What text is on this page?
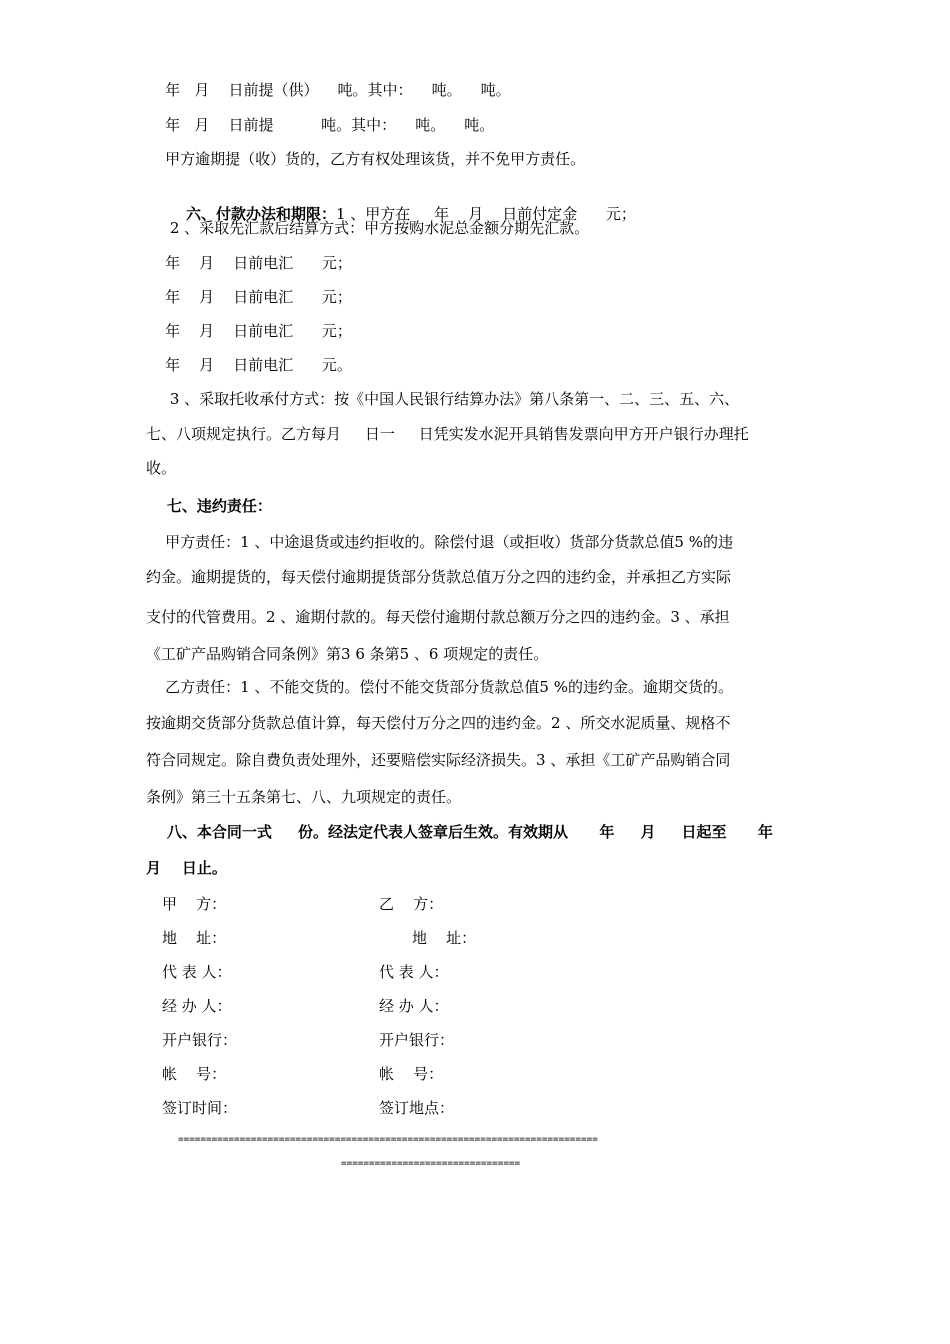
年   月    日前提（供）    吨。其中：    吨。    吨。
年   月    日前提          吨。其中：    吨。    吨。
甲方逾期提（收）货的，乙方有权处理该货，并不免甲方责任。

六、付款办法和期限：1 、甲方在     年    月    日前付定金      元；

2 、采取先汇款后结算方式：甲方按购水泥总金额分期先汇款。
年    月    日前电汇      元；
年    月    日前电汇      元；
年    月    日前电汇      元；
年    月    日前电汇      元。
3 、采取托收承付方式：按《中国人民银行结算办法》第八条第一、二、三、五、六、
七、八项规定执行。乙方每月     日一     日凭实发水泥开具销售发票向甲方开户银行办理托
收。
七、违约责任：
甲方责任：1 、中途退货或违约拒收的。除偿付退（或拒收）货部分货款总值5 %的违
约金。逾期提货的，每天偿付逾期提货部分货款总值万分之四的违约金，并承担乙方实际
支付的代管费用。2 、逾期付款的。每天偿付逾期付款总额万分之四的违约金。3 、承担
《工矿产品购销合同条例》第3 6 条第5 、6 项规定的责任。
乙方责任：1 、不能交货的。偿付不能交货部分货款总值5 %的违约金。逾期交货的。
按逾期交货部分货款总值计算，每天偿付万分之四的违约金。2 、所交水泥质量、规格不
符合同规定。除自费负责处理外，还要赔偿实际经济损失。3 、承担《工矿产品购销合同
条例》第三十五条第七、八、九项规定的责任。
八、本合同一式     份。经法定代表人签章后生效。有效期从      年     月     日起至      年
月    日止。
甲    方：
地    址：
代 表 人：
经 办 人：
开户银行：
帐    号：
签订时间：
乙    方：
地    址：
代 表 人：
经 办 人：
开户银行：
帐    号：
签订地点：
===========================================================================
================================
